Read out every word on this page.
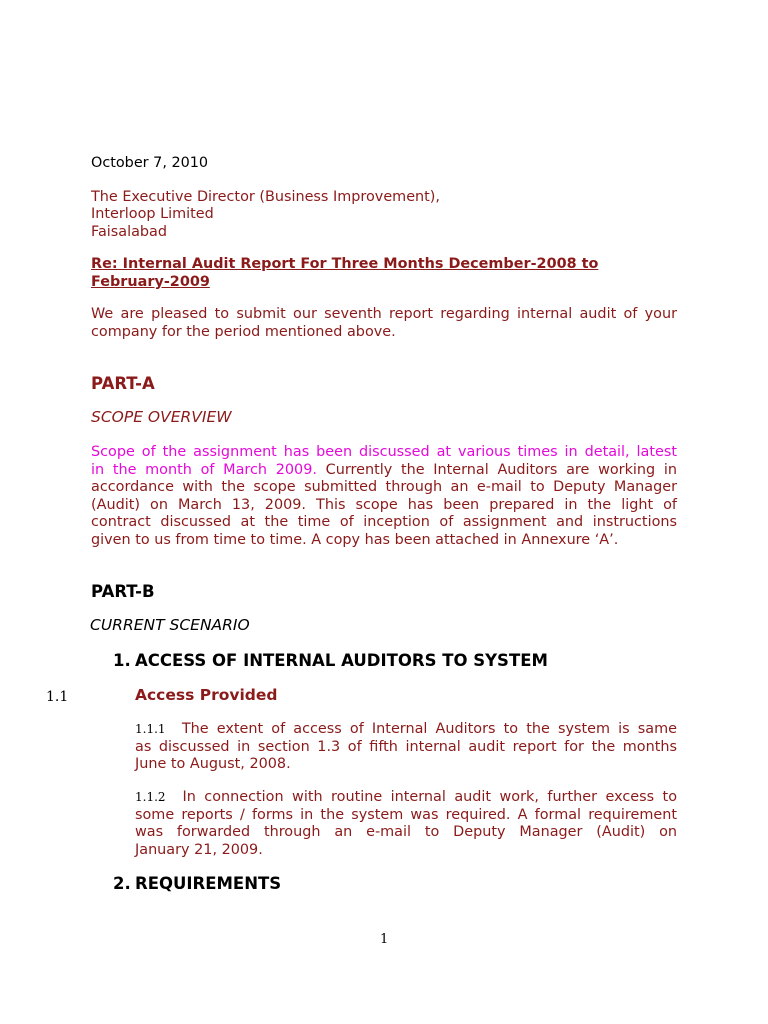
October 7, 2010
The Executive Director (Business Improvement),
Interloop Limited
Faisalabad
Re: Internal Audit Report For Three Months December-2008 to
February-2009
We are pleased to submit our seventh report regarding internal audit of your
company for the period mentioned above.
PART-A
SCOPE OVERVIEW
Scope of the assignment has been discussed at various times in detail, latest
in the month of March 2009. Currently the Internal Auditors are working in
accordance with the scope submitted through an e-mail to Deputy Manager
(Audit) on March 13, 2009. This scope has been prepared in the light of
contract discussed at the time of inception of assignment and instructions
given to us from time to time. A copy has been attached in Annexure ‘A’.
PART-B
CURRENT SCENARIO
1. ACCESS OF INTERNAL AUDITORS TO SYSTEM
1.1	Access Provided
1.1.1 The extent of access of Internal Auditors to the system is same
as discussed in section 1.3 of fifth internal audit report for the months
June to August, 2008.
1.1.2 In connection with routine internal audit work, further excess to
some reports / forms in the system was required. A formal requirement
was forwarded through an e-mail to Deputy Manager (Audit) on
January 21, 2009.
2. REQUIREMENTS
1
